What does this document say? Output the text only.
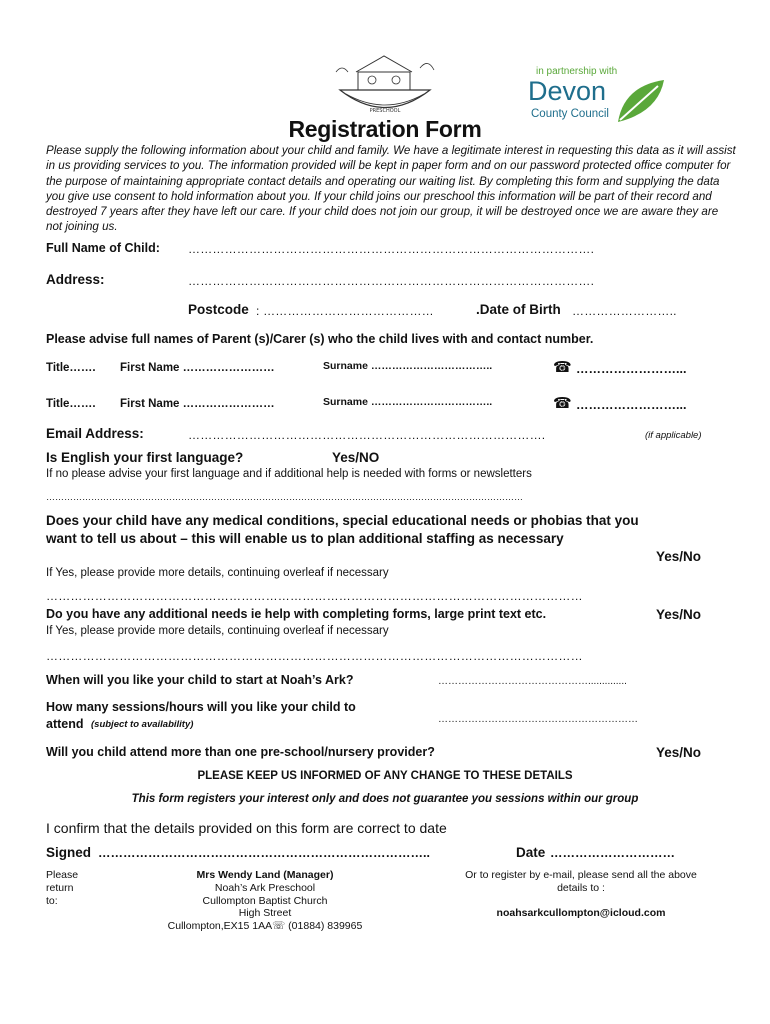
PRESCHOOL
in partnership with
Devon
County Council
Registration Form
Please supply the following information about your child and family. We have a legitimate interest in requesting this data as it will assist in us providing services to you. The information provided will be kept in paper form and on our password protected office computer for the purpose of maintaining appropriate contact details and operating our waiting list. By completing this form and supplying the data you give use consent to hold information about you. If your child joins our preschool this information will be part of their record and destroyed 7 years after they have left our care. If your child does not join our group, it will be destroyed once we are aware they are not joining us.
Full Name of Child: ……………………………………………………………………………………….
Address:	……………………………………………………………………………………….
Postcode : ……………………………………	.Date of Birth ……………………..
Please advise full names of Parent (s)/Carer (s) who the child lives with and contact number.
Title……. First Name ……………………	Surname ……………………………..	☎ ……………………...
Title……. First Name ……………………	Surname ……………………………..	☎ ……………………...
Email Address:	…………………………………………………………………………….	(if applicable)
Is English your first language?	Yes/NO
If no please advise your first language and if additional help is needed with forms or newsletters
……………………………………………………………………………………………………………………………………………
Does your child have any medical conditions, special educational needs or phobias that you
want to tell us about – this will enable us to plan additional staffing as necessary
Yes/No
If Yes, please provide more details, continuing overleaf if necessary
……………………………………………………………………………………………………………………
Do you have any additional needs ie help with completing forms, large print text etc.	Yes/No
If Yes, please provide more details, continuing overleaf if necessary
……………………………………………………………………………………………………………………
When will you like your child to start at Noah’s Ark?	………………………………………..............
How many sessions/hours will you like your child to
attend (subject to availability)	……………………………………………………
Will you child attend more than one pre-school/nursery provider?	Yes/No
PLEASE KEEP US INFORMED OF ANY CHANGE TO THESE DETAILS
This form registers your interest only and does not guarantee you sessions within our group
I confirm that the details provided on this form are correct to date
Signed ……………………………………………………………………..	Date …………………………
Please
return
to:
Mrs Wendy Land (Manager)
Noah’s Ark Preschool
Cullompton Baptist Church
High Street
Cullompton,EX15 1AA☏ (01884) 839965
Or to register by e-mail, please send all the above details to :
noahsarkcullompton@icloud.com
